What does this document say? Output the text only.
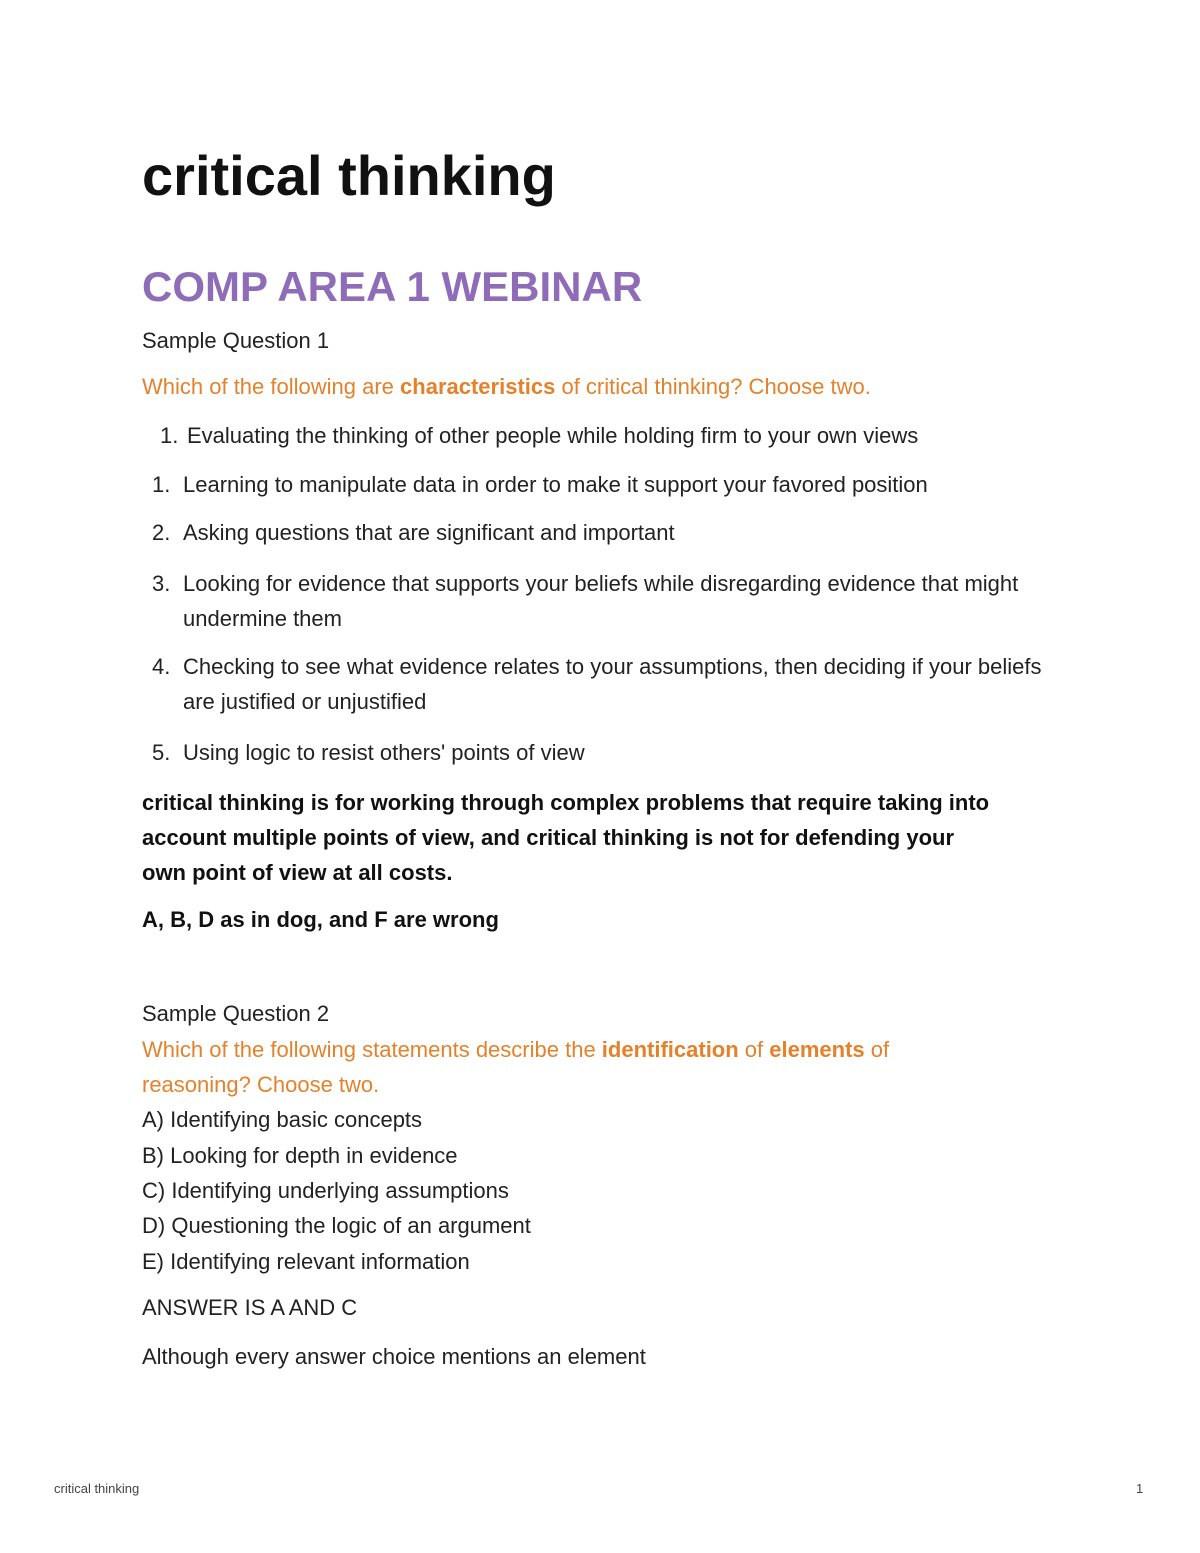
critical thinking
COMP AREA 1 WEBINAR
Sample Question 1
Which of the following are characteristics of critical thinking? Choose two.
1. Evaluating the thinking of other people while holding firm to your own views
1. Learning to manipulate data in order to make it support your favored position
2. Asking questions that are significant and important
3. Looking for evidence that supports your beliefs while disregarding evidence that might undermine them
4. Checking to see what evidence relates to your assumptions, then deciding if your beliefs are justified or unjustified
5. Using logic to resist others' points of view
critical thinking is for working through complex problems that require taking into
account multiple points of view, and critical thinking is not for defending your
own point of view at all costs.
A, B, D as in dog, and F are wrong
Sample Question 2
Which of the following statements describe the identification of elements of
reasoning? Choose two.
A) Identifying basic concepts
B) Looking for depth in evidence
C) Identifying underlying assumptions
D) Questioning the logic of an argument
E) Identifying relevant information
ANSWER IS A AND C
Although every answer choice mentions an element
critical thinking	1
